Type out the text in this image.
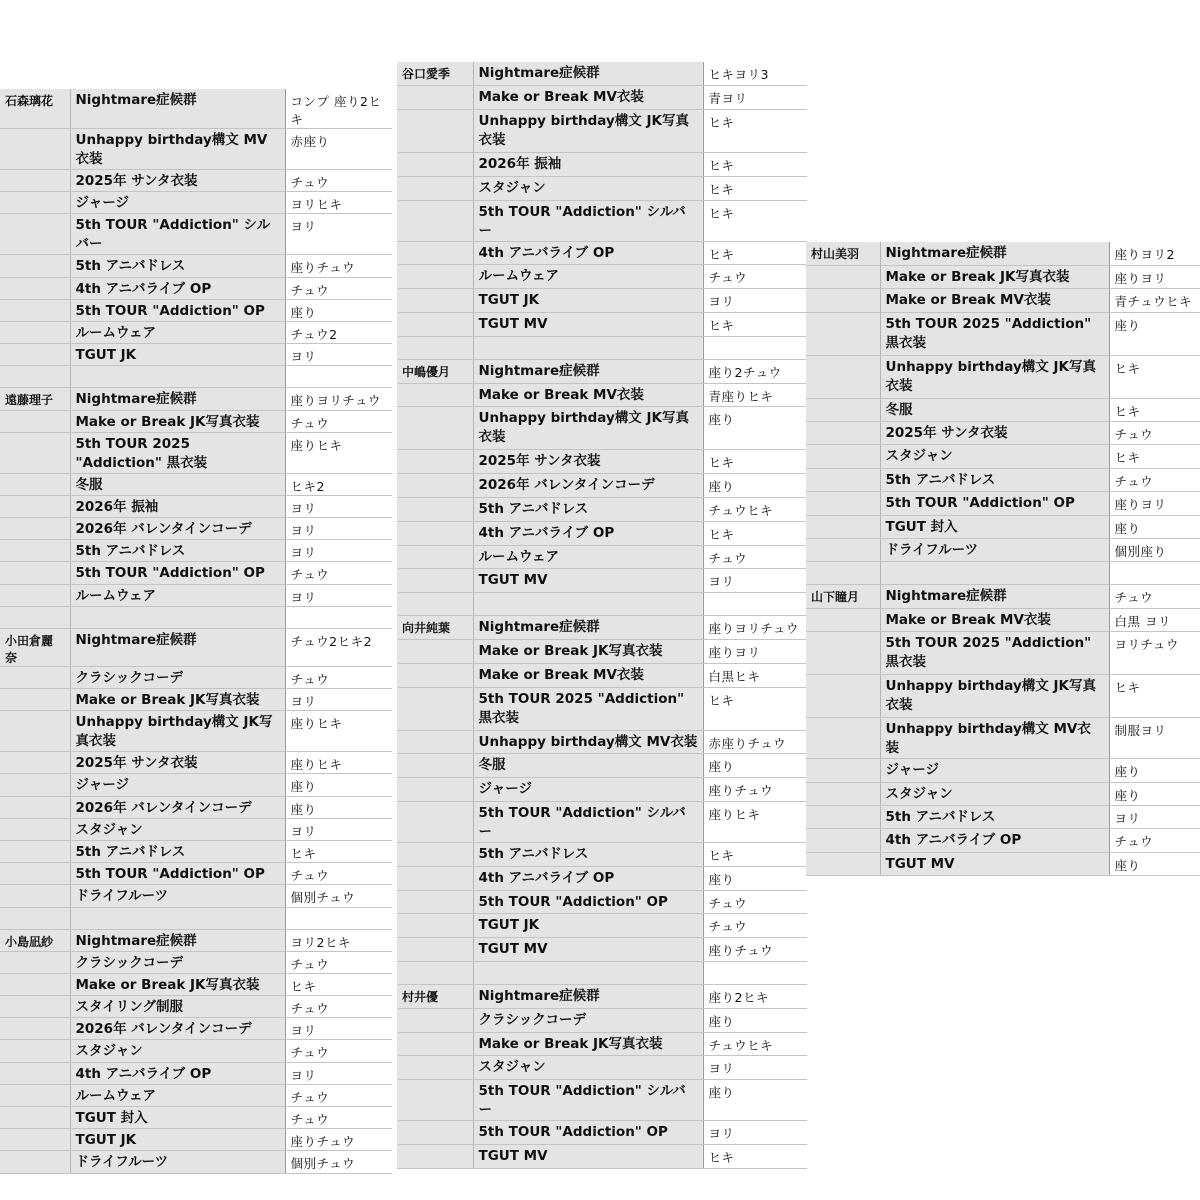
石森璃花	Nightmare症候群	コンプ 座り2ヒキ
	Unhappy birthday構文 MV衣装	赤座り
	2025年 サンタ衣装	チュウ
	ジャージ	ヨリヒキ
	5th TOUR "Addiction" シルバー	ヨリ
	5th アニバドレス	座りチュウ
	4th アニバライブ OP	チュウ
	5th TOUR "Addiction" OP	座り
	ルームウェア	チュウ2
	TGUT JK	ヨリ

遠藤理子	Nightmare症候群	座りヨリチュウ
	Make or Break JK写真衣装	チュウ
	5th TOUR 2025 "Addiction" 黒衣装	座りヒキ
	冬服	ヒキ2
	2026年 振袖	ヨリ
	2026年 バレンタインコーデ	ヨリ
	5th アニバドレス	ヨリ
	5th TOUR "Addiction" OP	チュウ
	ルームウェア	ヨリ

小田倉麗奈	Nightmare症候群	チュウ2ヒキ2
	クラシックコーデ	チュウ
	Make or Break JK写真衣装	ヨリ
	Unhappy birthday構文 JK写真衣装	座りヒキ
	2025年 サンタ衣装	座りヒキ
	ジャージ	座り
	2026年 バレンタインコーデ	座り
	スタジャン	ヨリ
	5th アニバドレス	ヒキ
	5th TOUR "Addiction" OP	チュウ
	ドライフルーツ	個別チュウ

小島凪紗	Nightmare症候群	ヨリ2ヒキ
	クラシックコーデ	チュウ
	Make or Break JK写真衣装	ヒキ
	スタイリング制服	チュウ
	2026年 バレンタインコーデ	ヨリ
	スタジャン	チュウ
	4th アニバライブ OP	ヨリ
	ルームウェア	チュウ
	TGUT 封入	チュウ
	TGUT JK	座りチュウ
	ドライフルーツ	個別チュウ
谷口愛季	Nightmare症候群	ヒキヨリ3
	Make or Break MV衣装	青ヨリ
	Unhappy birthday構文 JK写真衣装	ヒキ
	2026年 振袖	ヒキ
	スタジャン	ヒキ
	5th TOUR "Addiction" シルバー	ヒキ
	4th アニバライブ OP	ヒキ
	ルームウェア	チュウ
	TGUT JK	ヨリ
	TGUT MV	ヒキ

中嶋優月	Nightmare症候群	座り2チュウ
	Make or Break MV衣装	青座りヒキ
	Unhappy birthday構文 JK写真衣装	座り
	2025年 サンタ衣装	ヒキ
	2026年 バレンタインコーデ	座り
	5th アニバドレス	チュウヒキ
	4th アニバライブ OP	ヒキ
	ルームウェア	チュウ
	TGUT MV	ヨリ

向井純葉	Nightmare症候群	座りヨリチュウ
	Make or Break JK写真衣装	座りヨリ
	Make or Break MV衣装	白黒ヒキ
	5th TOUR 2025 "Addiction" 黒衣装	ヒキ
	Unhappy birthday構文 MV衣装	赤座りチュウ
	冬服	座り
	ジャージ	座りチュウ
	5th TOUR "Addiction" シルバー	座りヒキ
	5th アニバドレス	ヒキ
	4th アニバライブ OP	座り
	5th TOUR "Addiction" OP	チュウ
	TGUT JK	チュウ
	TGUT MV	座りチュウ

村井優	Nightmare症候群	座り2ヒキ
	クラシックコーデ	座り
	Make or Break JK写真衣装	チュウヒキ
	スタジャン	ヨリ
	5th TOUR "Addiction" シルバー	座り
	5th TOUR "Addiction" OP	ヨリ
	TGUT MV	ヒキ
村山美羽	Nightmare症候群	座りヨリ2
	Make or Break JK写真衣装	座りヨリ
	Make or Break MV衣装	青チュウヒキ
	5th TOUR 2025 "Addiction" 黒衣装	座り
	Unhappy birthday構文 JK写真衣装	ヒキ
	冬服	ヒキ
	2025年 サンタ衣装	チュウ
	スタジャン	ヒキ
	5th アニバドレス	チュウ
	5th TOUR "Addiction" OP	座りヨリ
	TGUT 封入	座り
	ドライフルーツ	個別座り

山下瞳月	Nightmare症候群	チュウ
	Make or Break MV衣装	白黒 ヨリ
	5th TOUR 2025 "Addiction" 黒衣装	ヨリチュウ
	Unhappy birthday構文 JK写真衣装	ヒキ
	Unhappy birthday構文 MV衣装	制服ヨリ
	ジャージ	座り
	スタジャン	座り
	5th アニバドレス	ヨリ
	4th アニバライブ OP	チュウ
	TGUT MV	座り
